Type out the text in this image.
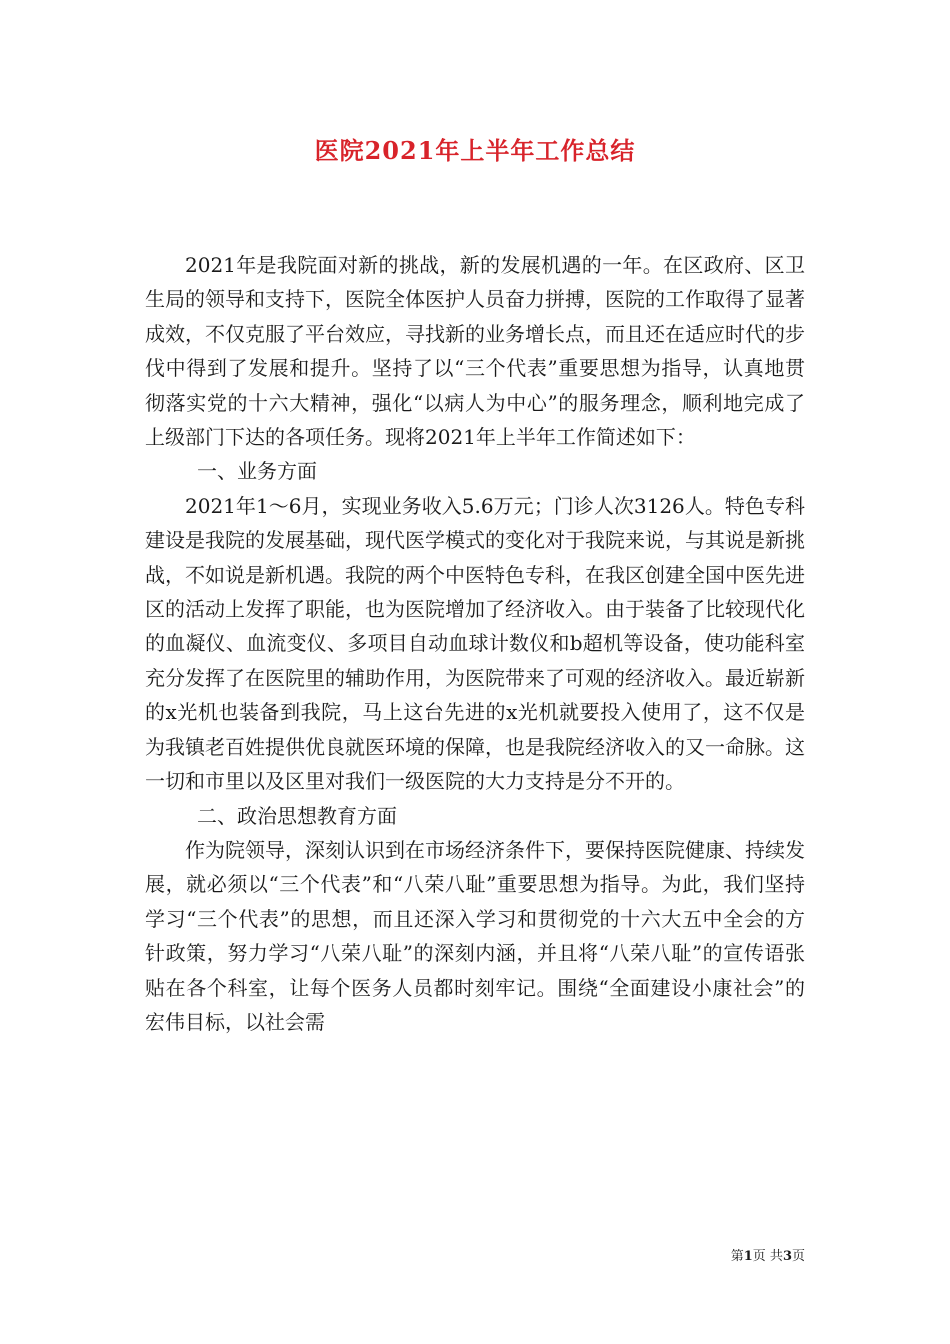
医院2021年上半年工作总结

2021年是我院面对新的挑战，新的发展机遇的一年。在区政府、区卫生局的领导和支持下，医院全体医护人员奋力拼搏，医院的工作取得了显著成效，不仅克服了平台效应，寻找新的业务增长点，而且还在适应时代的步伐中得到了发展和提升。坚持了以“三个代表”重要思想为指导，认真地贯彻落实党的十六大精神，强化“以病人为中心”的服务理念，顺利地完成了上级部门下达的各项任务。现将2021年上半年工作简述如下：

一、业务方面

2021年1～6月，实现业务收入5.6万元；门诊人次3126人。特色专科建设是我院的发展基础，现代医学模式的变化对于我院来说，与其说是新挑战，不如说是新机遇。我院的两个中医特色专科，在我区创建全国中医先进区的活动上发挥了职能，也为医院增加了经济收入。由于装备了比较现代化的血凝仪、血流变仪、多项目自动血球计数仪和b超机等设备，使功能科室充分发挥了在医院里的辅助作用，为医院带来了可观的经济收入。最近崭新的x光机也装备到我院，马上这台先进的x光机就要投入使用了，这不仅是为我镇老百姓提供优良就医环境的保障，也是我院经济收入的又一命脉。这一切和市里以及区里对我们一级医院的大力支持是分不开的。

二、政治思想教育方面

作为院领导，深刻认识到在市场经济条件下，要保持医院健康、持续发展，就必须以“三个代表”和“八荣八耻”重要思想为指导。为此，我们坚持学习“三个代表”的思想，而且还深入学习和贯彻党的十六大五中全会的方针政策，努力学习“八荣八耻”的深刻内涵，并且将“八荣八耻”的宣传语张贴在各个科室，让每个医务人员都时刻牢记。围绕“全面建设小康社会”的宏伟目标，以社会需

第1页 共3页
